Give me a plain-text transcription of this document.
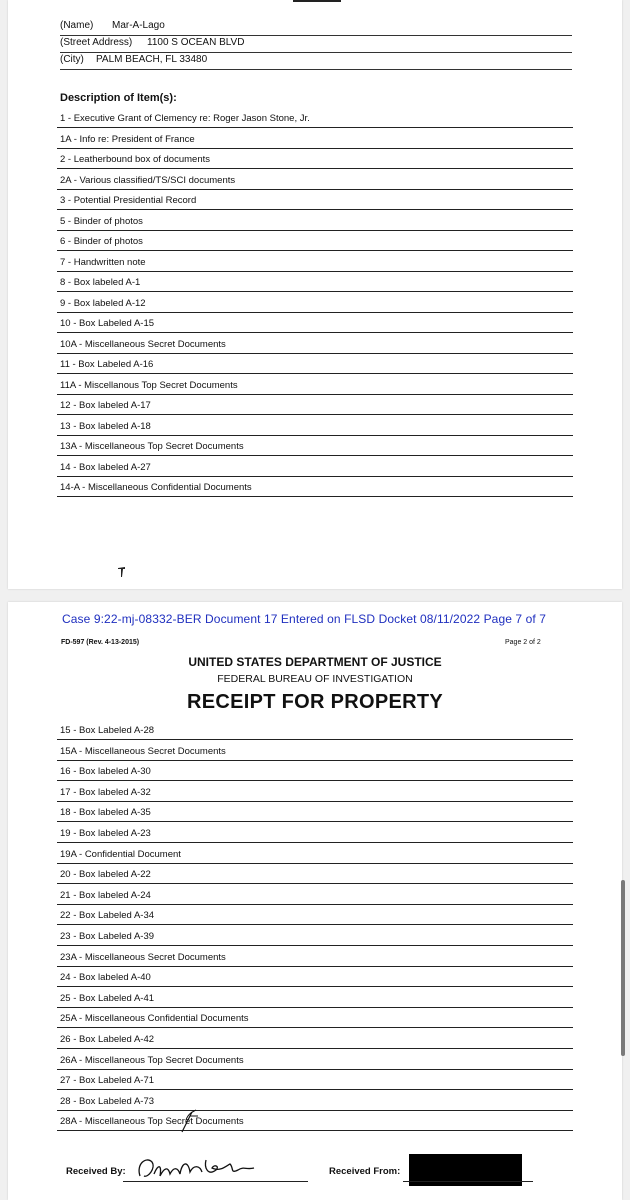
(Name) Mar-A-Lago
(Street Address) 1100 S OCEAN BLVD
(City) PALM BEACH, FL 33480
Description of Item(s):
1 - Executive Grant of Clemency re: Roger Jason Stone, Jr.
1A - Info re: President of France
2 - Leatherbound box of documents
2A - Various classified/TS/SCI documents
3 - Potential Presidential Record
5 - Binder of photos
6 - Binder of photos
7 - Handwritten note
8 - Box labeled A-1
9 - Box labeled A-12
10 - Box Labeled A-15
10A - Miscellaneous Secret Documents
11 - Box Labeled A-16
11A - Miscellanous Top Secret Documents
12 - Box labeled A-17
13 - Box labeled A-18
13A - Miscellaneous Top Secret Documents
14 - Box labeled A-27
14-A - Miscellaneous Confidential Documents
Case 9:22-mj-08332-BER Document 17 Entered on FLSD Docket 08/11/2022 Page 7 of 7
FD-597 (Rev. 4-13-2015)	Page 2 of 2
UNITED STATES DEPARTMENT OF JUSTICE
FEDERAL BUREAU OF INVESTIGATION
RECEIPT FOR PROPERTY
15 - Box Labeled A-28
15A - Miscellaneous Secret Documents
16 - Box labeled A-30
17 - Box labeled A-32
18 - Box labeled A-35
19 - Box labeled A-23
19A - Confidential Document
20 - Box labeled A-22
21 - Box labeled A-24
22 - Box Labeled A-34
23 - Box Labeled A-39
23A - Miscellaneous Secret Documents
24 - Box labeled A-40
25 - Box Labeled A-41
25A - Miscellaneous Confidential Documents
26 - Box Labeled A-42
26A - Miscellaneous Top Secret Documents
27 - Box Labeled A-71
28 - Box Labeled A-73
28A - Miscellaneous Top Secret Documents
Received By:	Received From:
